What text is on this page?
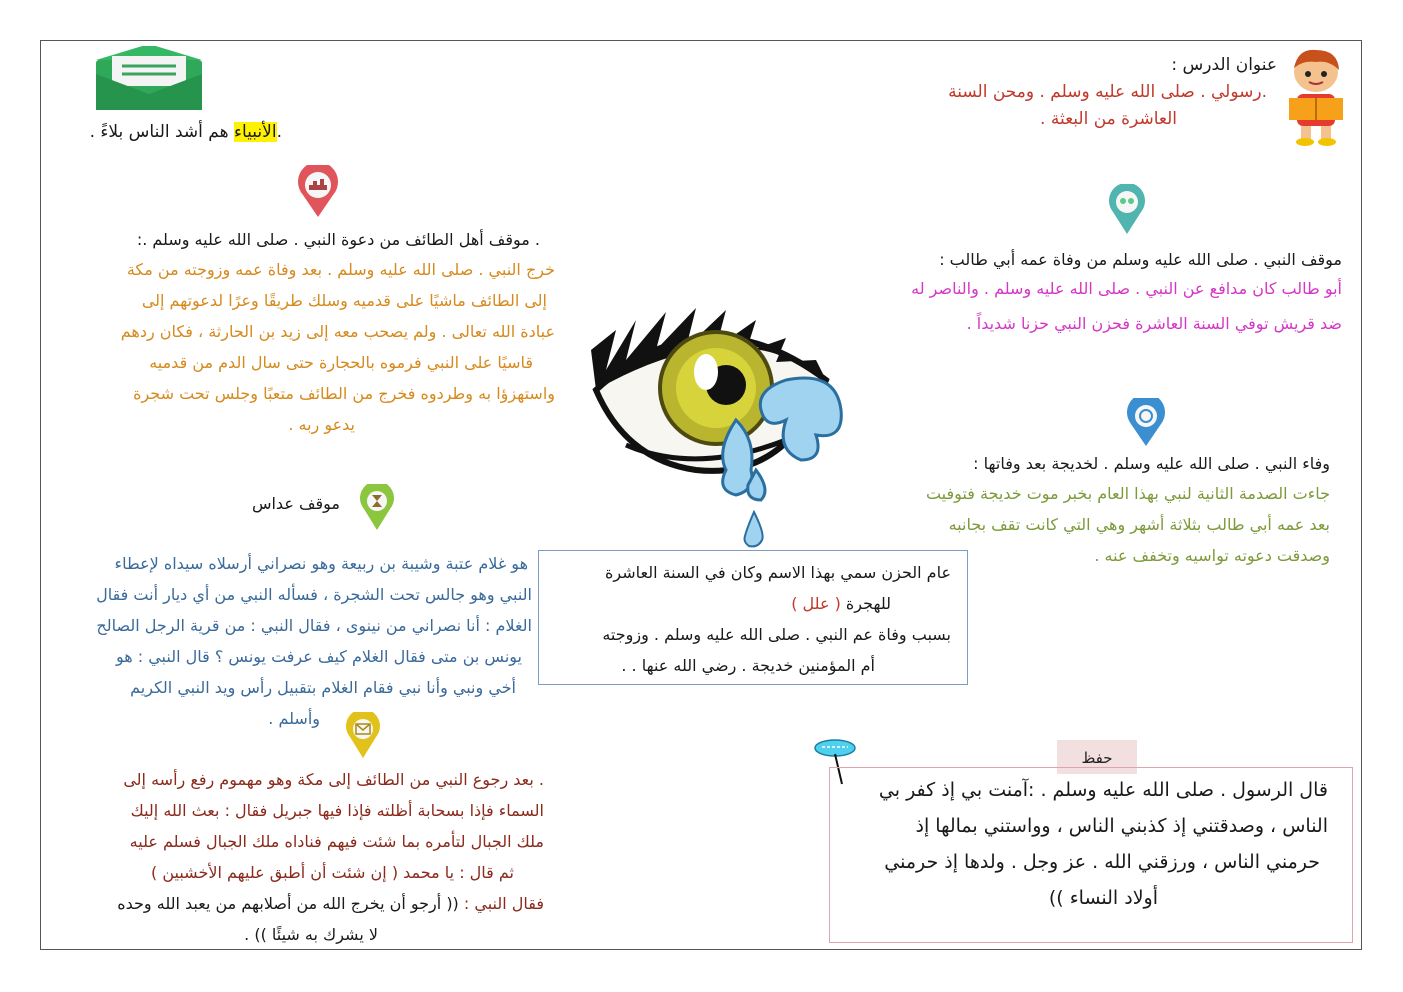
.الأنبياء هم أشد الناس بلاءً .
عنوان الدرس :
.رسولي . صلى الله عليه وسلم . ومحن السنة
العاشرة من البعثة .
. موقف أهل الطائف من دعوة النبي . صلى الله عليه وسلم .:
خرج النبي . صلى الله عليه وسلم . بعد وفاة عمه وزوجته من مكة
إلى الطائف ماشيًا على قدميه وسلك طريقًا وعرًا لدعوتهم إلى
عبادة الله تعالى . ولم يصحب معه إلى زيد بن الحارثة ، فكان ردهم
قاسيًا على النبي فرموه بالحجارة حتى سال الدم من قدميه
واستهزؤا به وطردوه فخرج من الطائف متعبًا وجلس تحت شجرة
يدعو ربه .
موقف النبي . صلى الله عليه وسلم من وفاة عمه أبي طالب :
أبو طالب كان مدافع عن النبي . صلى الله عليه وسلم . والناصر له
ضد قريش توفي السنة العاشرة فحزن النبي حزنا شديداً .
وفاء النبي . صلى الله عليه وسلم . لخديجة بعد وفاتها :
جاءت الصدمة الثانية لنبي بهذا العام بخبر موت خديجة فتوفيت
بعد عمه أبي طالب بثلاثة أشهر وهي التي كانت تقف بجانبه
وصدقت دعوته تواسيه وتخفف عنه .
موقف عداس
هو غلام عتبة وشيبة بن ربيعة وهو نصراني أرسلاه سيداه لإعطاء
النبي وهو جالس تحت الشجرة ، فسأله النبي من أي ديار أنت فقال
الغلام : أنا نصراني من نينوى ، فقال النبي : من قرية الرجل الصالح
يونس بن متى فقال الغلام كيف عرفت يونس ؟ قال النبي : هو
أخي ونبي وأنا نبي فقام الغلام بتقبيل رأس ويد النبي الكريم
وأسلم .
. بعد رجوع النبي من الطائف إلى مكة وهو مهموم رفع رأسه إلى
السماء فإذا بسحابة أظلته فإذا فيها جبريل فقال : بعث الله إليك
ملك الجبال لتأمره بما شئت فيهم فناداه ملك الجبال فسلم عليه
ثم قال : يا محمد ( إن شئت أن أطبق عليهم الأخشبين )
فقال النبي : (( أرجو أن يخرج الله من أصلابهم من يعبد الله وحده
لا يشرك به شيئًا )) .
عام الحزن سمي بهذا الاسم وكان في السنة العاشرة
للهجرة ( علل )
بسبب وفاة عم النبي . صلى الله عليه وسلم . وزوجته
أم المؤمنين خديجة . رضي الله عنها . .
حفظ
قال الرسول . صلى الله عليه وسلم . :آمنت بي إذ كفر بي
الناس ، وصدقتني إذ كذبني الناس ، وواستني بمالها إذ
حرمني الناس ، ورزقني الله . عز وجل . ولدها إذ حرمني
أولاد النساء ))
